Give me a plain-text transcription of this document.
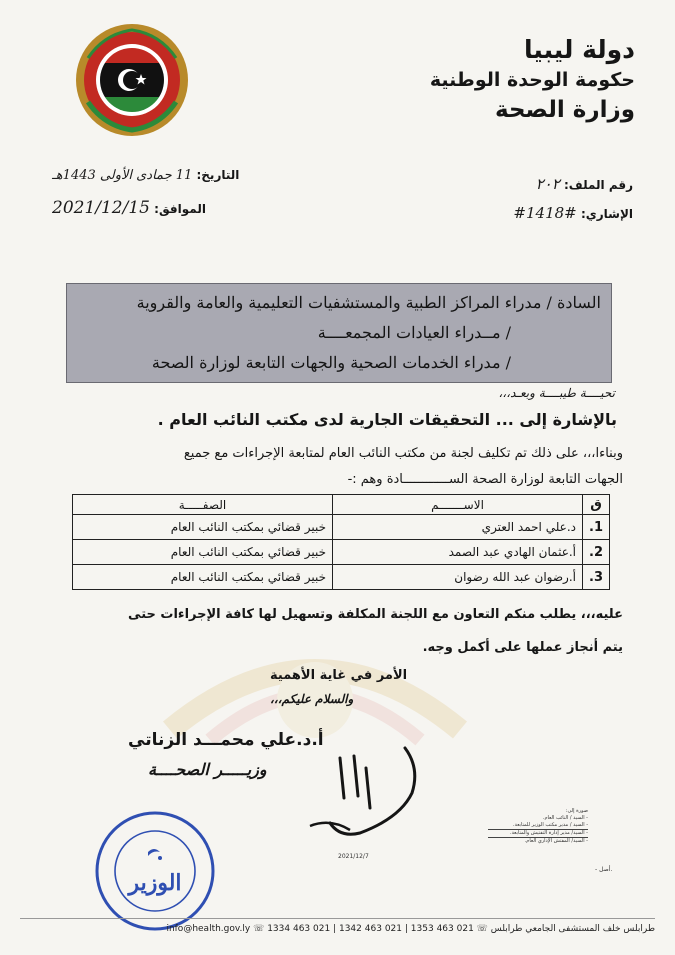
دولة ليبيا
حكومة الوحدة الوطنية
وزارة الصحة
التاريخ: 11 جمادى الأولى 1443هـ
الموافق: 2021/12/15
رقم الملف: ٢٠٢
الإشاري: #1418#
السادة / مدراء المراكز الطبية والمستشفيات التعليمية والعامة والقروية
/ مــدراء العيادات المجمعــــة
/ مدراء الخدمات الصحية والجهات التابعة لوزارة الصحة
تحيــــة طيبــــة وبعـد،،،
بالإشارة إلى ... التحقيقات الجارية لدى مكتب النائب العام .
وبناءا،،، على ذلك تم تكليف لجنة من مكتب النائب العام لمتابعة الإجراءات مع جميع
الجهات التابعة لوزارة الصحة الســــــــــــادة وهم :-
ق	الاســـــــم	الصفـــــة
1.	د.علي احمد العتري	خبير قضائي بمكتب النائب العام
2.	أ.عثمان الهادي عبد الصمد	خبير قضائي بمكتب النائب العام
3.	أ.رضوان عبد الله رضوان	خبير قضائي بمكتب النائب العام
عليه،،، يطلب منكم التعاون مع اللجنة المكلفة وتسهيل لها كافة الإجراءات حتى
يتم أنجاز عملها على أكمل وجه.
الأمر في غاية الأهمية
والسلام عليكم،،،
أ.د.علي محمـــد الزناتي
وزيـــــر الصحــــة
صورة إلى:
- السيد / النائب العام.
- السيد / مدير مكتب الوزير للمتابعة.
- السيد/ مدير إدارة التفتيش والمتابعة.
- السيد/ المفتش الإداري العام.
- أصل.
2021/12/7
الوزير
طرابلس خلف المستشفى الجامعي طرابلس ☏ 021 463 1353 | 021 463 1342 | 021 463 1334 ☏ info@health.gov.ly
